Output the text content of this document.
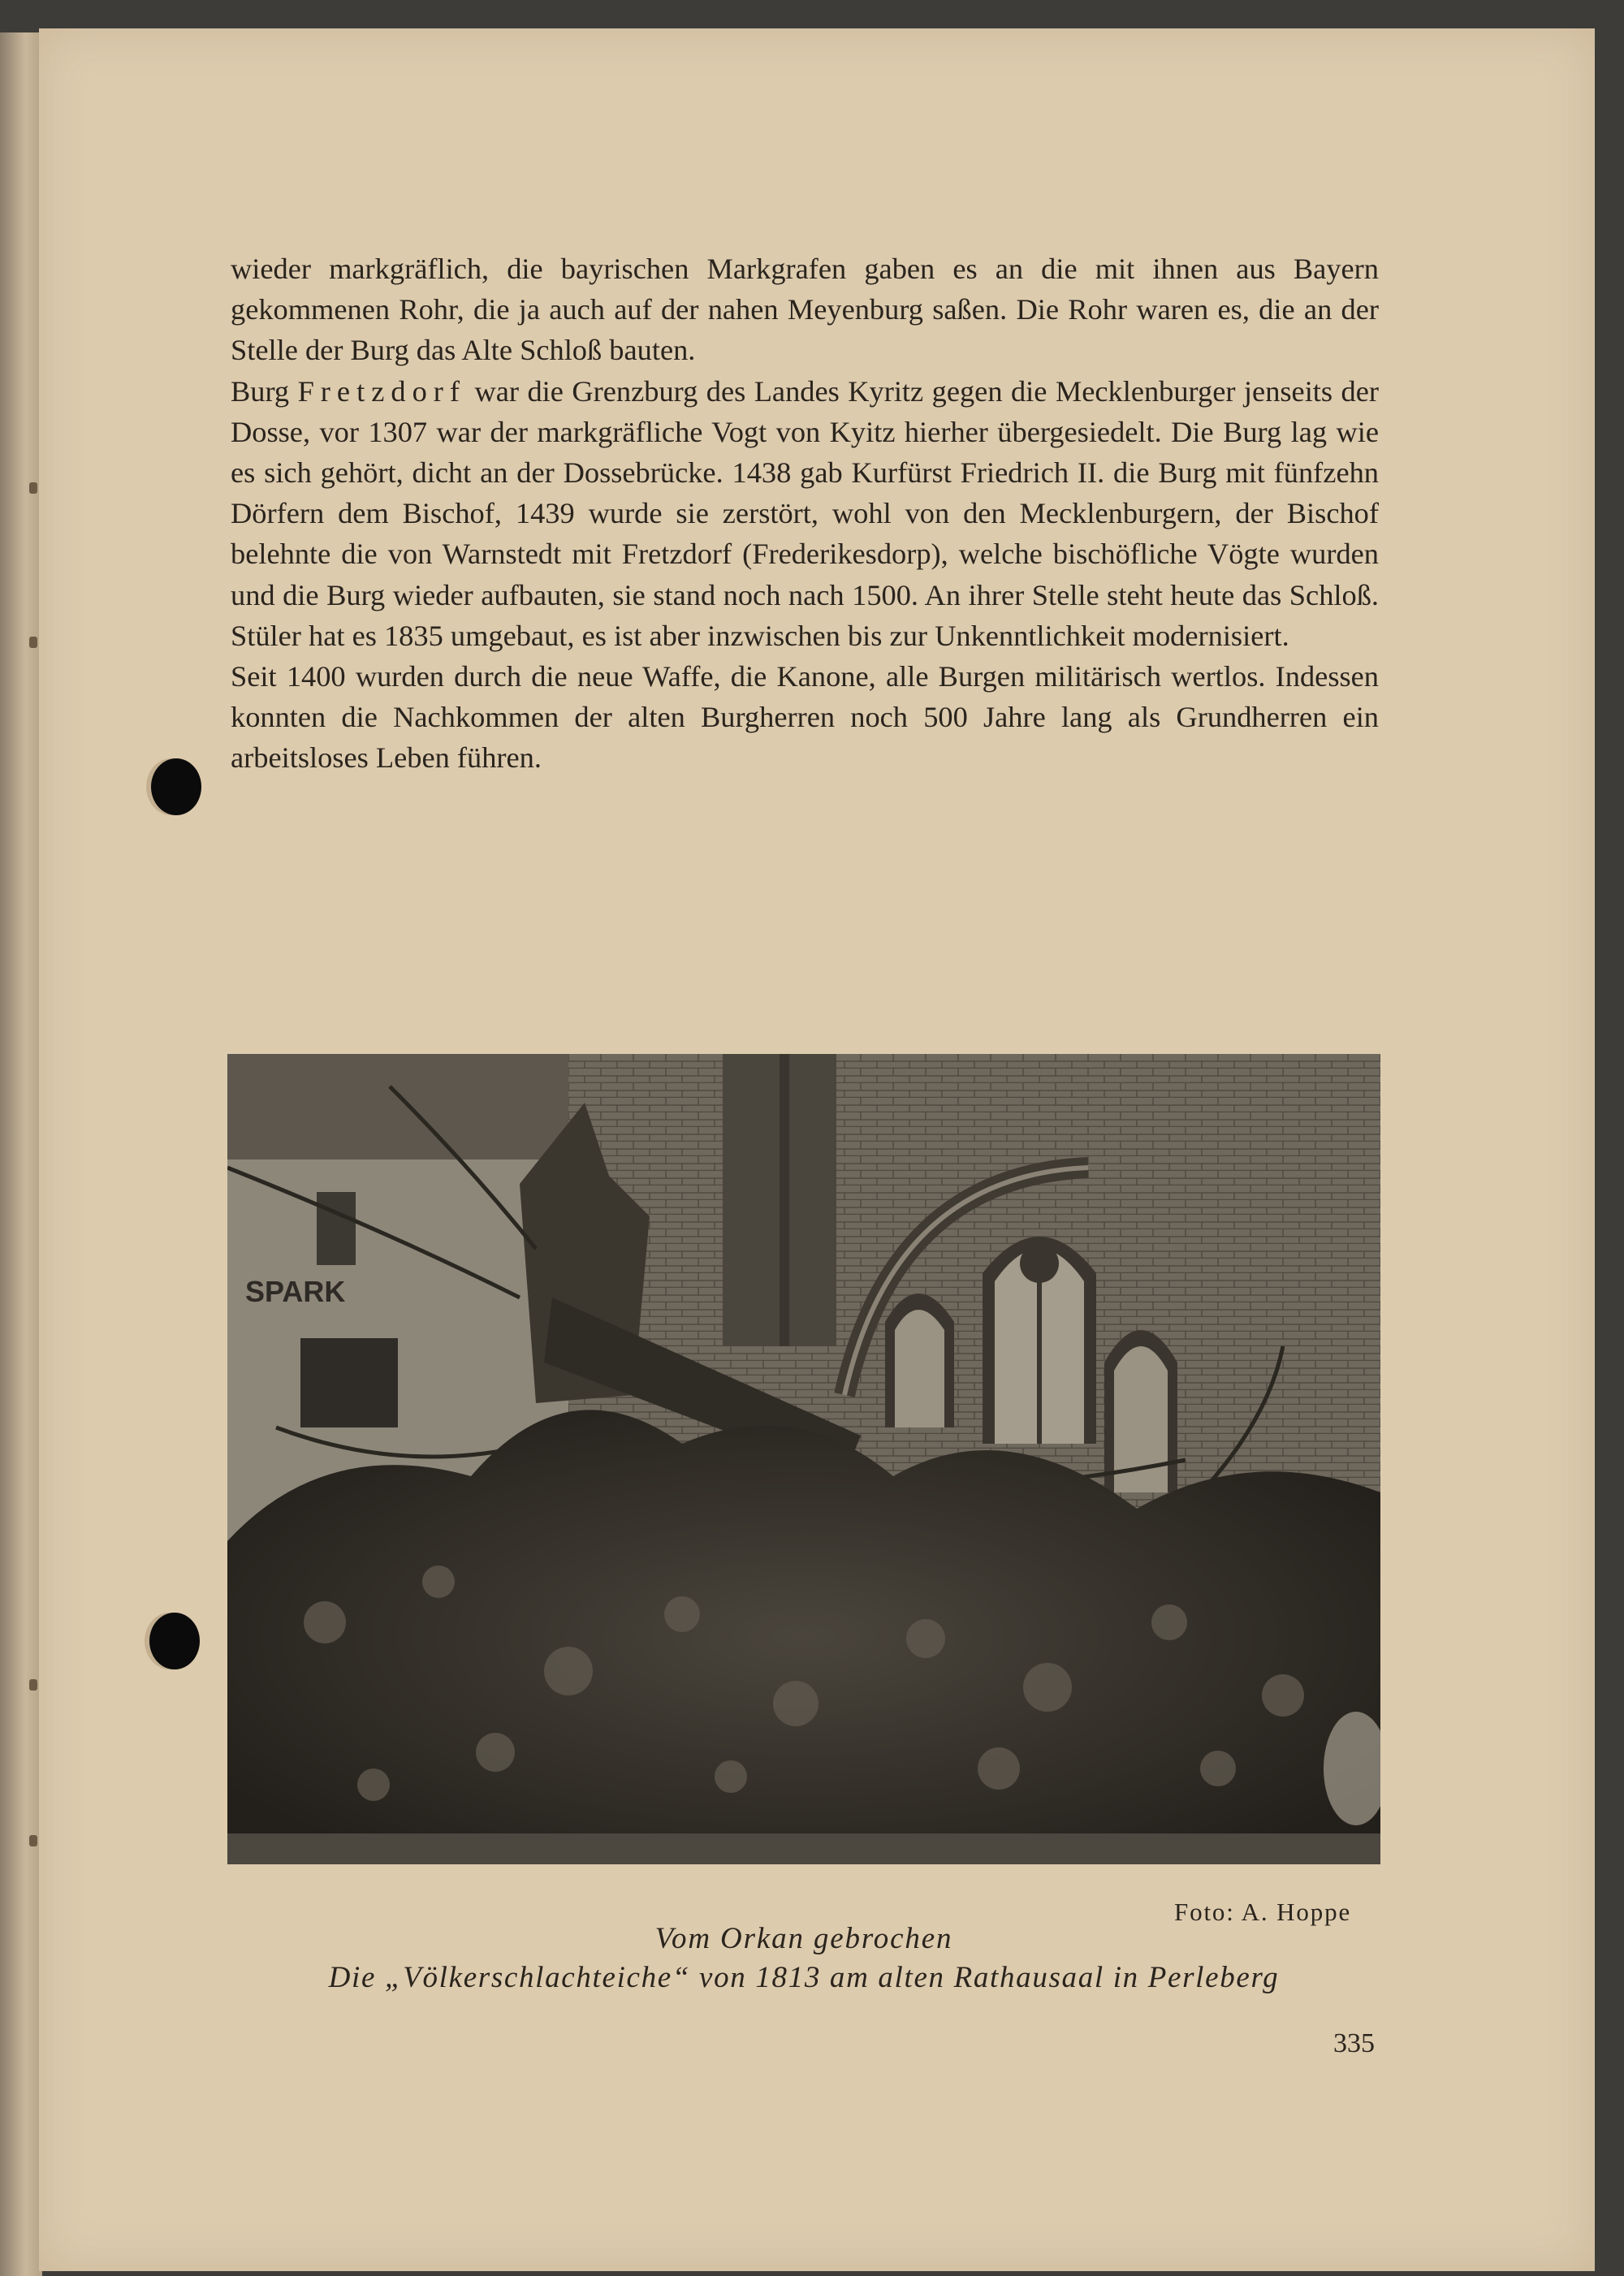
wieder markgräflich, die bayrischen Markgrafen gaben es an die mit ihnen aus Bayern gekommenen Rohr, die ja auch auf der nahen Meyenburg saßen. Die Rohr waren es, die an der Stelle der Burg das Alte Schloß bauten.

Burg Fretzdorf war die Grenzburg des Landes Kyritz gegen die Mecklenburger jenseits der Dosse, vor 1307 war der markgräfliche Vogt von Kyitz hierher übergesiedelt. Die Burg lag wie es sich gehört, dicht an der Dossebrücke. 1438 gab Kurfürst Friedrich II. die Burg mit fünfzehn Dörfern dem Bischof, 1439 wurde sie zerstört, wohl von den Mecklenburgern, der Bischof belehnte die von Warnstedt mit Fretzdorf (Frederikesdorp), welche bischöfliche Vögte wurden und die Burg wieder aufbauten, sie stand noch nach 1500. An ihrer Stelle steht heute das Schloß. Stüler hat es 1835 umgebaut, es ist aber inzwischen bis zur Unkenntlichkeit modernisiert.

Seit 1400 wurden durch die neue Waffe, die Kanone, alle Burgen militärisch wertlos. Indessen konnten die Nachkommen der alten Burgherren noch 500 Jahre lang als Grundherren ein arbeitsloses Leben führen.

SPARK
Foto: A. Hoppe
Vom Orkan gebrochen
Die „Völkerschlachteiche“ von 1813 am alten Rathausaal in Perleberg
335
